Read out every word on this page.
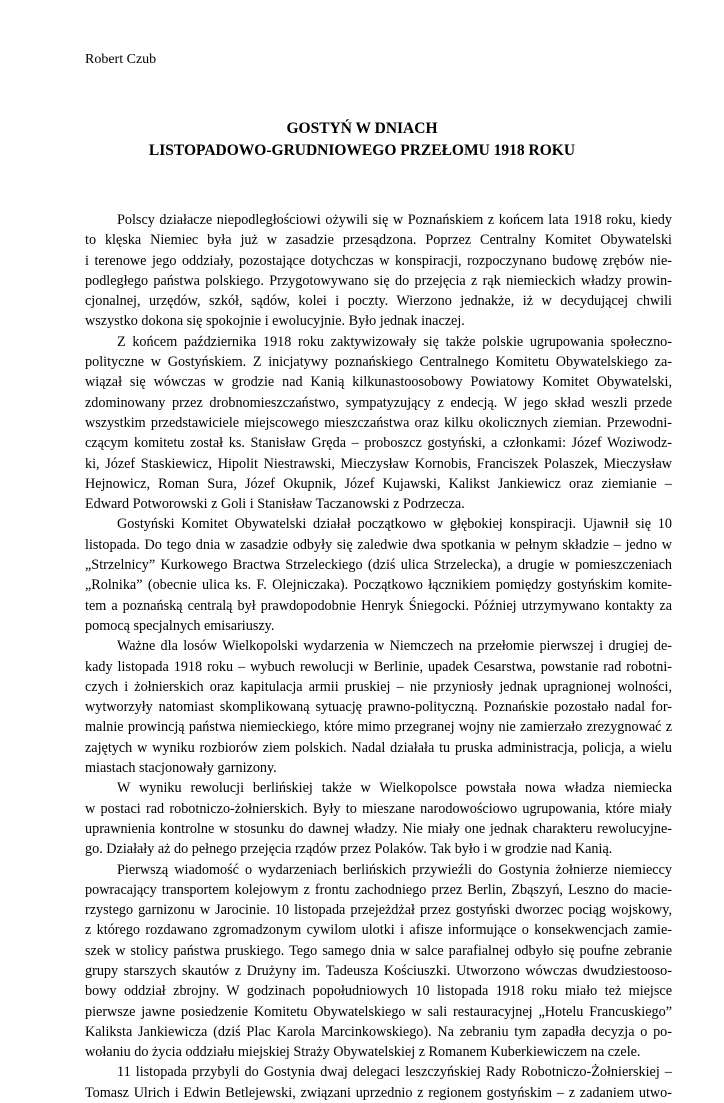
Robert Czub
GOSTYŃ W DNIACH
LISTOPADOWO-GRUDNIOWEGO PRZEŁOMU 1918 ROKU
Polscy działacze niepodległościowi ożywili się w Poznańskiem z końcem lata 1918 roku, kiedy
to klęska Niemiec była już w zasadzie przesądzona. Poprzez Centralny Komitet Obywatelski
i terenowe jego oddziały, pozostające dotychczas w konspiracji, rozpoczynano budowę zrębów nie-
podległego państwa polskiego. Przygotowywano się do przejęcia z rąk niemieckich władzy prowin-
cjonalnej, urzędów, szkół, sądów, kolei i poczty. Wierzono jednakże, iż w decydującej chwili
wszystko dokona się spokojnie i ewolucyjnie. Było jednak inaczej.
Z końcem października 1918 roku zaktywizowały się także polskie ugrupowania społeczno-
polityczne w Gostyńskiem. Z inicjatywy poznańskiego Centralnego Komitetu Obywatelskiego za-
wiązał się wówczas w grodzie nad Kanią kilkunastoosobowy Powiatowy Komitet Obywatelski,
zdominowany przez drobnomieszczaństwo, sympatyzujący z endecją. W jego skład weszli przede
wszystkim przedstawiciele miejscowego mieszczaństwa oraz kilku okolicznych ziemian. Przewodni-
czącym komitetu został ks. Stanisław Gręda – proboszcz gostyński, a członkami: Józef Woziwodz-
ki, Józef Staskiewicz, Hipolit Niestrawski, Mieczysław Kornobis, Franciszek Polaszek, Mieczysław
Hejnowicz, Roman Sura, Józef Okupnik, Józef Kujawski, Kalikst Jankiewicz oraz ziemianie –
Edward Potworowski z Goli i Stanisław Taczanowski z Podrzecza.
Gostyński Komitet Obywatelski działał początkowo w głębokiej konspiracji. Ujawnił się 10
listopada. Do tego dnia w zasadzie odbyły się zaledwie dwa spotkania w pełnym składzie – jedno w
„Strzelnicy” Kurkowego Bractwa Strzeleckiego (dziś ulica Strzelecka), a drugie w pomieszczeniach
„Rolnika” (obecnie ulica ks. F. Olejniczaka). Początkowo łącznikiem pomiędzy gostyńskim komite-
tem a poznańską centralą był prawdopodobnie Henryk Śniegocki. Później utrzymywano kontakty za
pomocą specjalnych emisariuszy.
Ważne dla losów Wielkopolski wydarzenia w Niemczech na przełomie pierwszej i drugiej de-
kady listopada 1918 roku – wybuch rewolucji w Berlinie, upadek Cesarstwa, powstanie rad robotni-
czych i żołnierskich oraz kapitulacja armii pruskiej – nie przyniosły jednak upragnionej wolności,
wytworzyły natomiast skomplikowaną sytuację prawno-polityczną. Poznańskie pozostało nadal for-
malnie prowincją państwa niemieckiego, które mimo przegranej wojny nie zamierzało zrezygnować z
zajętych w wyniku rozbiorów ziem polskich. Nadal działała tu pruska administracja, policja, a wielu
miastach stacjonowały garnizony.
W wyniku rewolucji berlińskiej także w Wielkopolsce powstała nowa władza niemiecka
w postaci rad robotniczo-żołnierskich. Były to mieszane narodowościowo ugrupowania, które miały
uprawnienia kontrolne w stosunku do dawnej władzy. Nie miały one jednak charakteru rewolucyjne-
go. Działały aż do pełnego przejęcia rządów przez Polaków. Tak było i w grodzie nad Kanią.
Pierwszą wiadomość o wydarzeniach berlińskich przywieźli do Gostynia żołnierze niemieccy
powracający transportem kolejowym z frontu zachodniego przez Berlin, Zbąszyń, Leszno do macie-
rzystego garnizonu w Jarocinie. 10 listopada przejeżdżał przez gostyński dworzec pociąg wojskowy,
z którego rozdawano zgromadzonym cywilom ulotki i afisze informujące o konsekwencjach zamie-
szek w stolicy państwa pruskiego. Tego samego dnia w salce parafialnej odbyło się poufne zebranie
grupy starszych skautów z Drużyny im. Tadeusza Kościuszki. Utworzono wówczas dwudziestooso-
bowy oddział zbrojny. W godzinach popołudniowych 10 listopada 1918 roku miało też miejsce
pierwsze jawne posiedzenie Komitetu Obywatelskiego w sali restauracyjnej „Hotelu Francuskiego”
Kaliksta Jankiewicza (dziś Plac Karola Marcinkowskiego). Na zebraniu tym zapadła decyzja o po-
wołaniu do życia oddziału miejskiej Straży Obywatelskiej z Romanem Kuberkiewiczem na czele.
11 listopada przybyli do Gostynia dwaj delegaci leszczyńskiej Rady Robotniczo-Żołnierskiej –
Tomasz Ulrich i Edwin Betlejewski, związani uprzednio z regionem gostyńskim – z zadaniem utwo-
